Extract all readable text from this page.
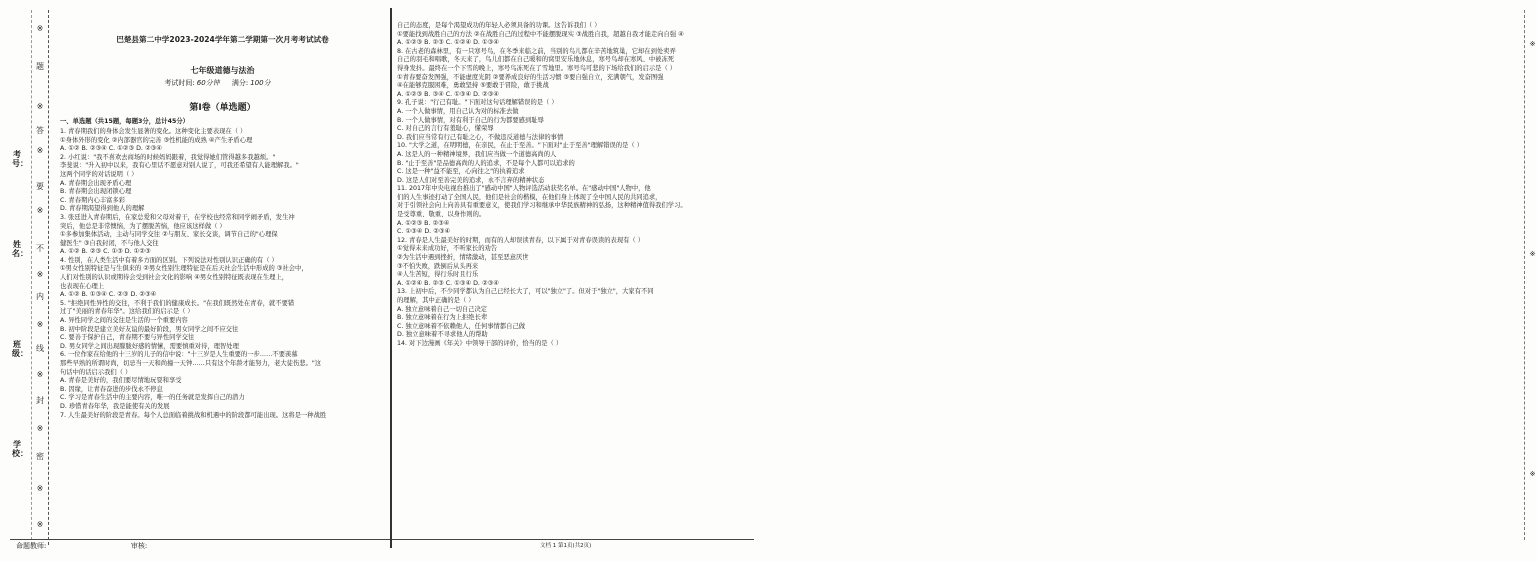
※
题
※
答
※
要
※
不
※
内
※
线
※
封
※
密
※
※
考号：
姓名：
班级：
学校：
巴楚县第二中学2023-2024学年第二学期第一次月考考试试卷
七年级道德与法治
考试时间: 60分钟 满分: 100分
第Ⅰ卷（单选题）
一、单选题（共15题，每题3分，总计45分）
1. 青春期我们的身体会发生显著的变化。这种变化主要表现在（ ）
①身体外形的变化 ②内部器官的完善 ③性机能的成熟 ④产生矛盾心理
A. ①② B. ②③④ C. ①②③ D. ②③④
2. 小红说："我不喜欢去商场的时候妈妈跟着，我觉得她们管得越多我越烦。"
李斐说："升入初中以来，我有心里话不愿意对别人说了，可我还希望有人能理解我。"
这两个同学的对话说明（ ）
A. 青春期会出现矛盾心理
B. 青春期会出现闭锁心理
C. 青春期内心丰富多彩
D. 青春期渴望得到他人的理解
3. 张廷进入青春期后，在家总爱和父母对着干，在学校也经常和同学闹矛盾，发生冲
突后，他总是非常懊恼，为了摆脱苦恼，他应该这样做（ ）
①多参加集体活动，主动与同学交往 ②与朋友、家长交谈，调节自己的"心理保
健医生" ③自我封闭，不与他人交往
A. ①② B. ②③ C. ①③ D. ①②③
4. 性别，在人类生活中有着多方面的区别。下列说法对性别认识正确的有（ ）
①男女性别特征是与生俱来的 ②男女性别生理特征是在后天社会生活中形成的 ③社会中，
人们对性别的认识或期待会受到社会文化的影响 ④男女性别特征既表现在生理上，
也表现在心理上
A. ①② B. ①③④ C. ②③ D. ②③④
5. "拒绝同性异性的交往，不利于我们的健康成长。"在我们既然处在青春，就不要错
过了"美丽的青春年华"。这给我们的启示是（ ）
A. 异性同学之间的交往是生活的一个重要内容
B. 初中阶段是建立美好友谊的最好阶段，男女同学之间不应交往
C. 要善于保护自己，青春期不要与异性同学交往
D. 男女同学之间出现朦胧好感的情愫，需要慎重对待，理智处理
6. 一位作家在给他的十三岁的儿子的信中说："十三岁是人生重要的一步……不要羡慕
那些早熟的所谓时尚，切忌当一天和尚撞一天钟……只有这个年龄才能努力，老大徒伤悲。"这
句话中的话启示我们（ ）
A. 青春是美好的，我们要尽情地玩耍和享受
B. 因缘，让青春奋进的步伐永不停息
C. 学习是青春生活中的主要内容，唯一的任务就是发挥自己的潜力
D. 珍惜青春年华，我是能使有关的发展
7. 人生最美好的阶段是青春。每个人总面临着挑战和机遇中的阶段都可能出现。这将是一种战胜
自己的态度，是每个渴望成功的年轻人必须具备的功课。这告诉我们（ ）
①要能找到战胜自己的方法 ②在战胜自己的过程中不能摆脱现实 ③战胜自我，超越自我才能走向自强 ④
A. ①②③ B. ②③ C. ①②④ D. ①③④
8. 在古老的森林里，有一只寒号鸟，在冬季来临之前，当别的鸟儿都在辛苦地筑巢，它却在到处卖弄
自己的羽毛和唱歌，冬天来了，鸟儿们都在自己暖和的窝里安乐地休息，寒号鸟却在寒风、中被冻死
得身发抖。最终在一个下雪的晚上，寒号鸟冻死在了雪地里。寒号鸟可悲的下场给我们的启示是（ ）
①青春要奋发图强，不能虚度光阴 ②要养成良好的生活习惯 ③要自强自立，充满朝气，发奋图强
④在能够克服困难，勇敢坚持 ⑤要敢于冒险，敢于挑战
A. ①②③ B. ③④ C. ①③④ D. ②③④
9. 孔子说："行己有耻。"下面对这句话理解错误的是（ ）
A. 一个人做事情，用自己认为对的标准去做
B. 一个人做事情，对有利于自己的行为都要感到耻辱
C. 对自己的言行有羞耻心，懂荣辱
D. 我们应当常有行己有耻之心，不做违反道德与法律的事情
10. "大学之道，在明明德，在亲民，在止于至善。"下面对"止于至善"理解错误的是（ ）
A. 这是人的一种精神境界，我们应当做一个道德高尚的人
B. "止于至善"是品德高尚的人的追求，不是每个人都可以追求的
C. 这是一种"益不能至，心向往之"的执着追求
D. 这是人们对至善完美的追求，永不言弃的精神状态
11. 2017年中央电视台推出了"感动中国"人物评选活动获奖名单。在"感动中国"人物中，他
们的人生事迹打动了全国人民，他们是社会的楷模，在他们身上体现了全中国人民的共同追求，
对于引领社会向上向善具有重要意义，使我们学习和继承中华民族精神的弘扬，这种精神值得我们学习。
是受尊重、敬重、以身作则的。
A. ①②③ B. ②③④
C. ①③④ D. ②③④
12. 青春是人生最美好的时期，而有的人却误读青春，以下属于对青春误读的表现有（ ）
①觉得未来成功好，不听家长的劝告
②为生活中遇到挫折，情绪激动，甚至恶意厌世
③不怕失败，跌倒后从头再来
④人生苦短，得行乐时且行乐
A. ①②④ B. ②③ C. ①③④ D. ②③④
13. 上初中后，不少同学都认为自己已经长大了，可以"独立"了。但对于"独立"，大家有不同
的理解，其中正确的是（ ）
A. 独立意味着自己一切自己决定
B. 独立意味着在行为上拒绝长辈
C. 独立意味着不依赖他人，任何事情都自己做
D. 独立意味着不寻求他人的帮助
14. 对下边漫画《年关》中领导干部的评价，恰当的是（ ）
※
※
※
命题教师:	审核:	文档 1 第1页(共2页)
